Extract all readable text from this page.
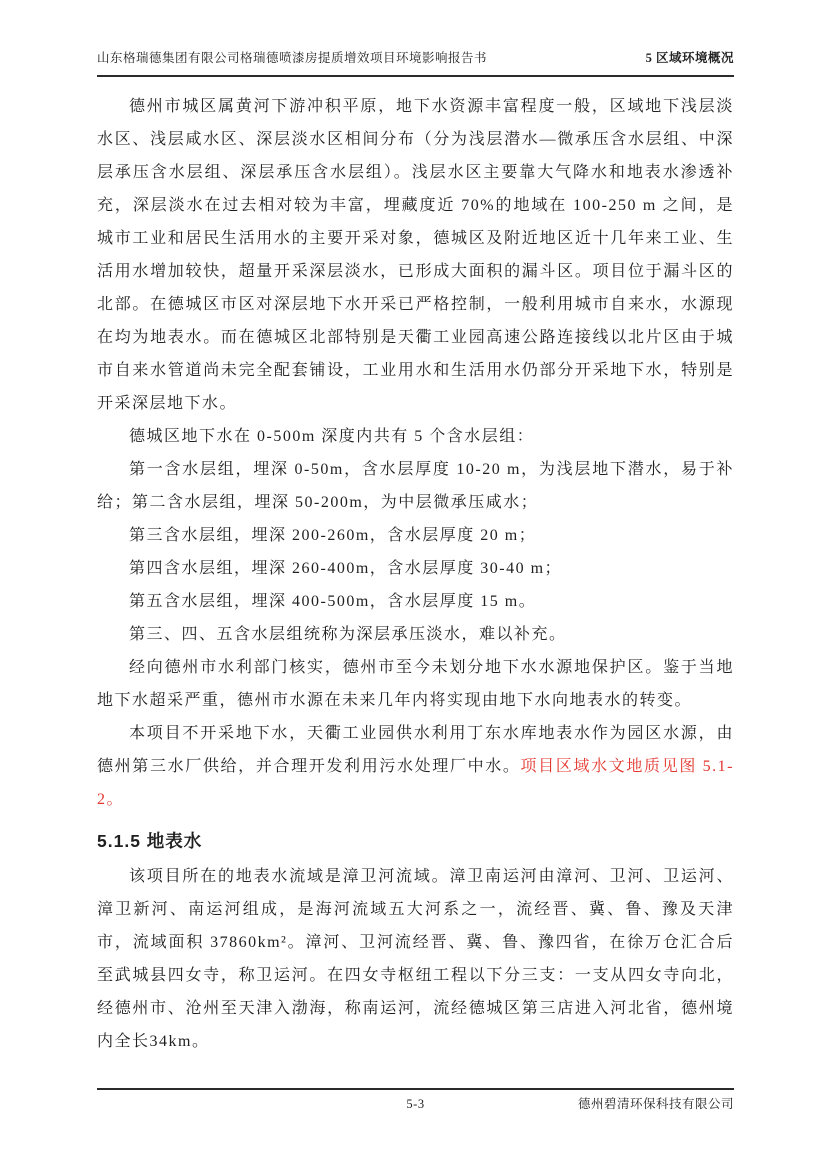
山东格瑞德集团有限公司格瑞德喷漆房提质增效项目环境影响报告书	5 区域环境概况

德州市城区属黄河下游冲积平原，地下水资源丰富程度一般，区域地下浅层淡水区、浅层咸水区、深层淡水区相间分布（分为浅层潜水—微承压含水层组、中深层承压含水层组、深层承压含水层组）。浅层水区主要靠大气降水和地表水渗透补充，深层淡水在过去相对较为丰富，埋藏度近 70%的地域在 100-250 m 之间，是城市工业和居民生活用水的主要开采对象，德城区及附近地区近十几年来工业、生活用水增加较快，超量开采深层淡水，已形成大面积的漏斗区。项目位于漏斗区的北部。在德城区市区对深层地下水开采已严格控制，一般利用城市自来水，水源现在均为地表水。而在德城区北部特别是天衢工业园高速公路连接线以北片区由于城市自来水管道尚未完全配套铺设，工业用水和生活用水仍部分开采地下水，特别是开采深层地下水。

德城区地下水在 0-500m 深度内共有 5 个含水层组：

第一含水层组，埋深 0-50m，含水层厚度 10-20 m，为浅层地下潜水，易于补给；第二含水层组，埋深 50-200m，为中层微承压咸水；

第三含水层组，埋深 200-260m，含水层厚度 20 m；

第四含水层组，埋深 260-400m，含水层厚度 30-40 m；

第五含水层组，埋深 400-500m，含水层厚度 15 m。

第三、四、五含水层组统称为深层承压淡水，难以补充。

经向德州市水利部门核实，德州市至今未划分地下水水源地保护区。鉴于当地地下水超采严重，德州市水源在未来几年内将实现由地下水向地表水的转变。

本项目不开采地下水，天衢工业园供水利用丁东水库地表水作为园区水源，由德州第三水厂供给，并合理开发利用污水处理厂中水。项目区域水文地质见图 5.1-2。

5.1.5 地表水

该项目所在的地表水流域是漳卫河流域。漳卫南运河由漳河、卫河、卫运河、漳卫新河、南运河组成，是海河流域五大河系之一，流经晋、冀、鲁、豫及天津市，流域面积 37860km²。漳河、卫河流经晋、冀、鲁、豫四省，在徐万仓汇合后至武城县四女寺，称卫运河。在四女寺枢纽工程以下分三支：一支从四女寺向北，经德州市、沧州至天津入渤海，称南运河，流经德城区第三店进入河北省，德州境内全长34km。

5-3	德州碧清环保科技有限公司
